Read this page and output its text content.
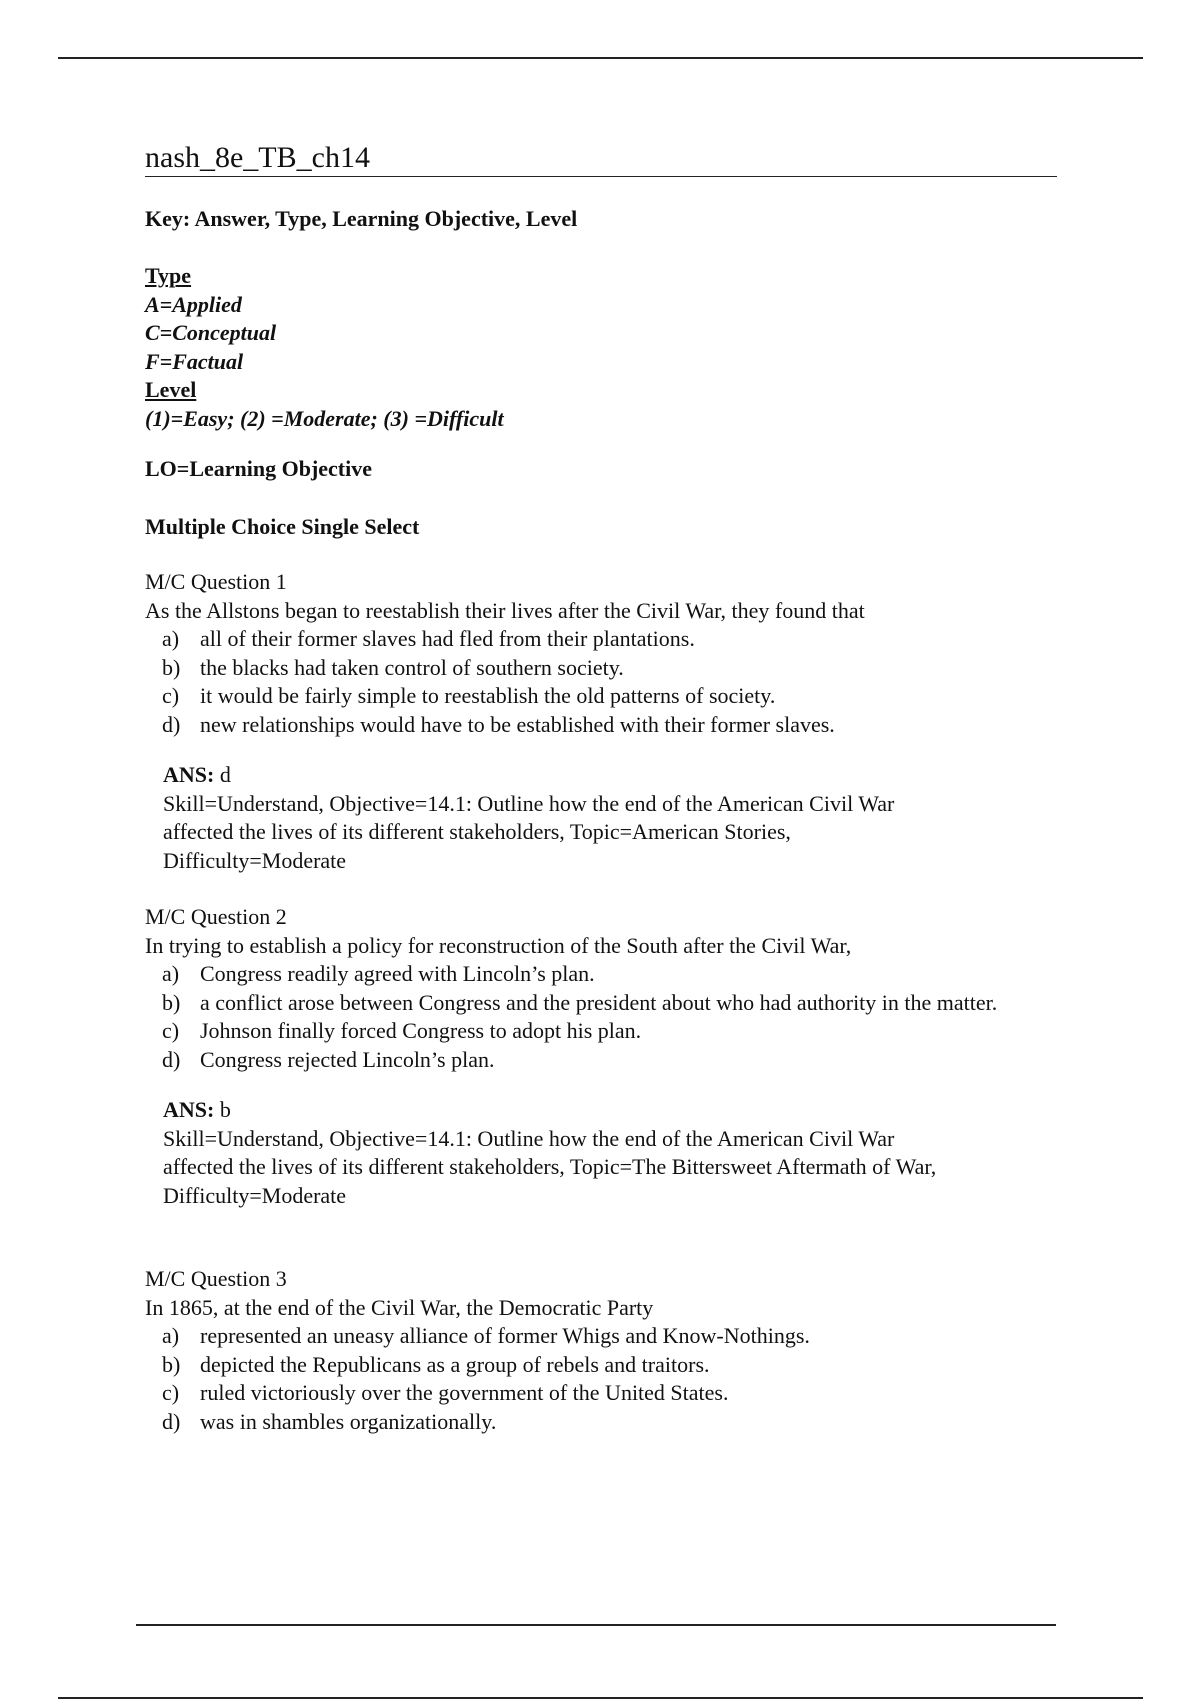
nash_8e_TB_ch14
Key: Answer, Type, Learning Objective, Level
Type
A=Applied
C=Conceptual
F=Factual
Level
(1)=Easy; (2) =Moderate; (3) =Difficult
LO=Learning Objective
Multiple Choice Single Select
M/C Question 1
As the Allstons began to reestablish their lives after the Civil War, they found that
a) all of their former slaves had fled from their plantations.
b) the blacks had taken control of southern society.
c) it would be fairly simple to reestablish the old patterns of society.
d) new relationships would have to be established with their former slaves.
ANS: d
Skill=Understand, Objective=14.1: Outline how the end of the American Civil War
affected the lives of its different stakeholders, Topic=American Stories,
Difficulty=Moderate
M/C Question 2
In trying to establish a policy for reconstruction of the South after the Civil War,
a) Congress readily agreed with Lincoln’s plan.
b) a conflict arose between Congress and the president about who had authority in the matter.
c) Johnson finally forced Congress to adopt his plan.
d) Congress rejected Lincoln’s plan.
ANS: b
Skill=Understand, Objective=14.1: Outline how the end of the American Civil War
affected the lives of its different stakeholders, Topic=The Bittersweet Aftermath of War,
Difficulty=Moderate
M/C Question 3
In 1865, at the end of the Civil War, the Democratic Party
a) represented an uneasy alliance of former Whigs and Know-Nothings.
b) depicted the Republicans as a group of rebels and traitors.
c) ruled victoriously over the government of the United States.
d) was in shambles organizationally.
